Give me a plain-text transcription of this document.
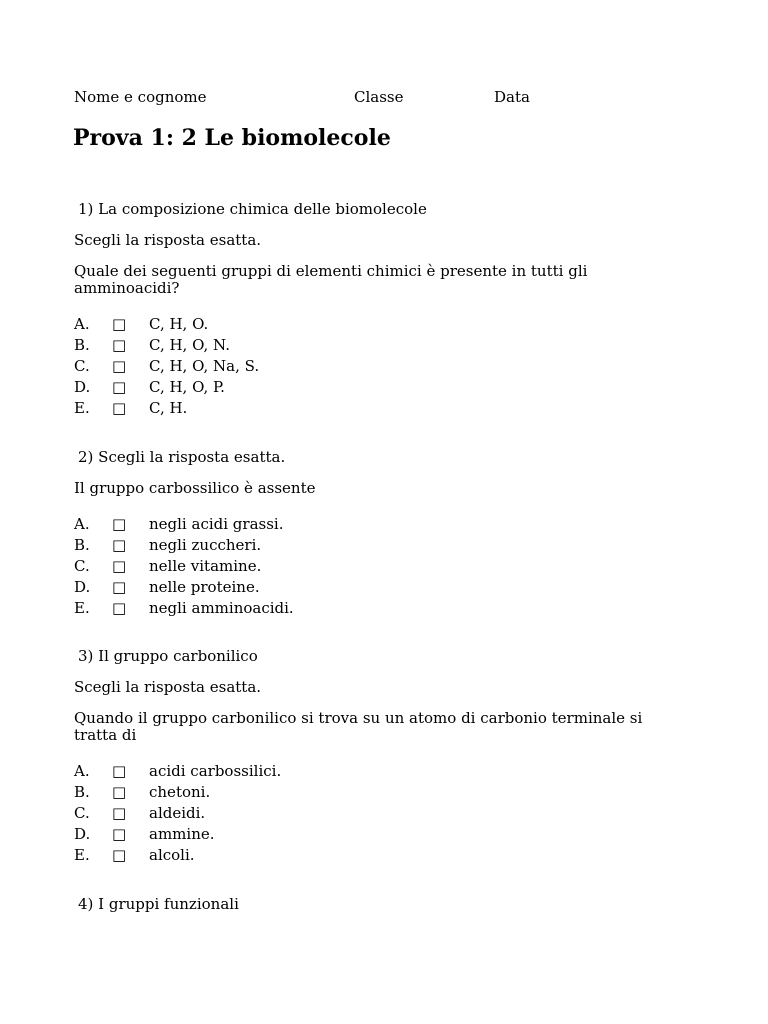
Nome e cognome	Classe	Data
Prova 1: 2 Le biomolecole

1) La composizione chimica delle biomolecole

Scegli la risposta esatta.

Quale dei seguenti gruppi di elementi chimici è presente in tutti gli

amminoacidi?

A. □ C, H, O.
B. □ C, H, O, N.
C. □ C, H, O, Na, S.
D. □ C, H, O, P.
E. □ C, H.

2) Scegli la risposta esatta.

Il gruppo carbossilico è assente

A. □ negli acidi grassi.
B. □ negli zuccheri.
C. □ nelle vitamine.
D. □ nelle proteine.
E. □ negli amminoacidi.

3) Il gruppo carbonilico

Scegli la risposta esatta.

Quando il gruppo carbonilico si trova su un atomo di carbonio terminale si

tratta di

A. □ acidi carbossilici.
B. □ chetoni.
C. □ aldeidi.
D. □ ammine.
E. □ alcoli.

4) I gruppi funzionali
